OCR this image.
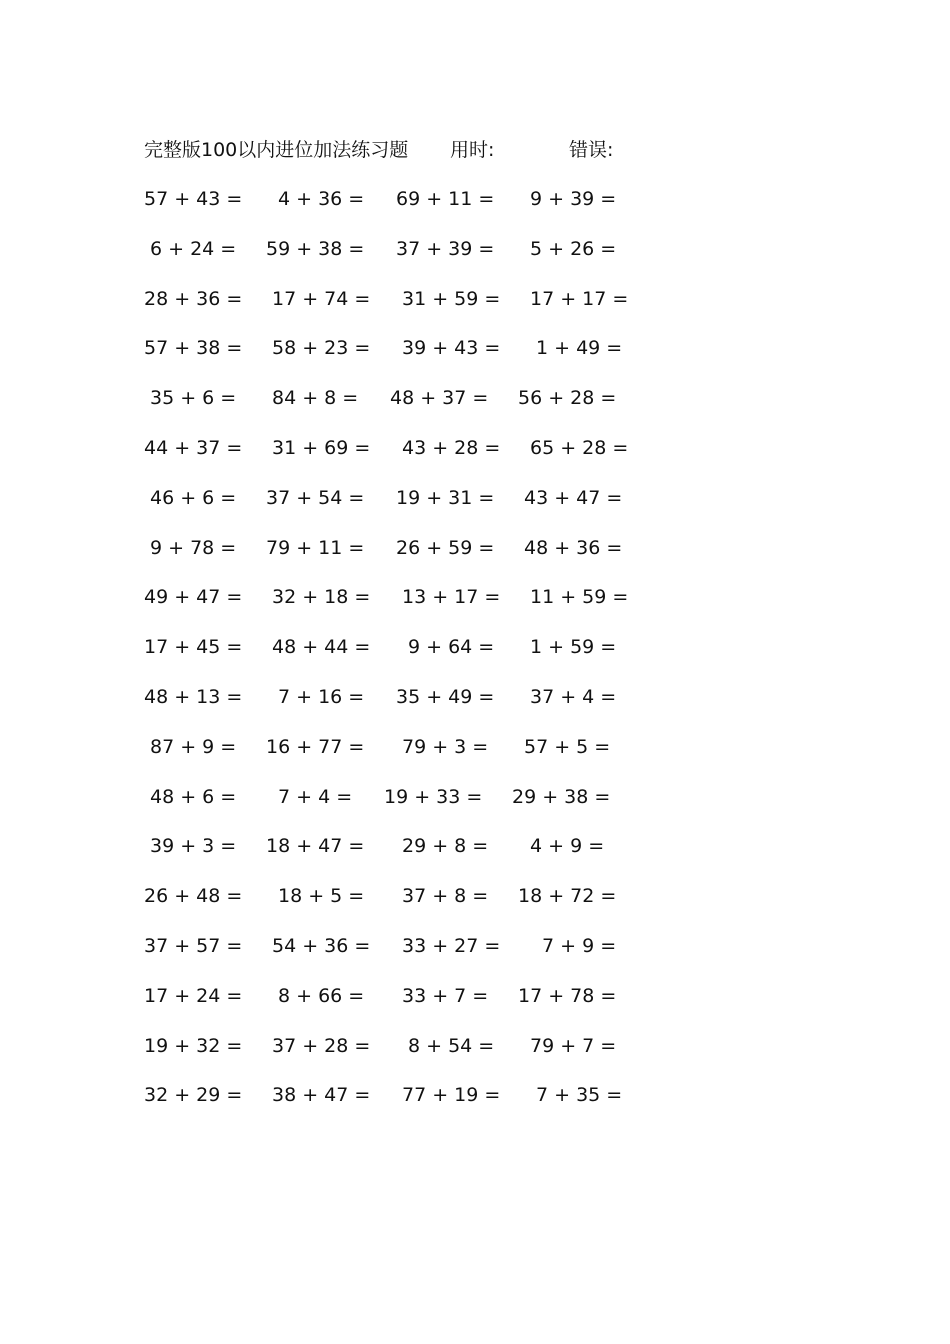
完整版100以内进位加法练习题 用时:	错误:
57 + 43 = 4 + 36 = 69 + 11 = 9 + 39 =
6 + 24 = 59 + 38 = 37 + 39 = 5 + 26 =
28 + 36 = 17 + 74 = 31 + 59 = 17 + 17 =
57 + 38 = 58 + 23 = 39 + 43 = 1 + 49 =
35 + 6 = 84 + 8 = 48 + 37 = 56 + 28 =
44 + 37 = 31 + 69 = 43 + 28 = 65 + 28 =
46 + 6 = 37 + 54 = 19 + 31 = 43 + 47 =
9 + 78 = 79 + 11 = 26 + 59 = 48 + 36 =
49 + 47 = 32 + 18 = 13 + 17 = 11 + 59 =
17 + 45 = 48 + 44 = 9 + 64 = 1 + 59 =
48 + 13 = 7 + 16 = 35 + 49 = 37 + 4 =
87 + 9 = 16 + 77 = 79 + 3 = 57 + 5 =
48 + 6 = 7 + 4 = 19 + 33 = 29 + 38 =
39 + 3 = 18 + 47 = 29 + 8 = 4 + 9 =
26 + 48 = 18 + 5 = 37 + 8 = 18 + 72 =
37 + 57 = 54 + 36 = 33 + 27 = 7 + 9 =
17 + 24 = 8 + 66 = 33 + 7 = 17 + 78 =
19 + 32 = 37 + 28 = 8 + 54 = 79 + 7 =
32 + 29 = 38 + 47 = 77 + 19 = 7 + 35 =
